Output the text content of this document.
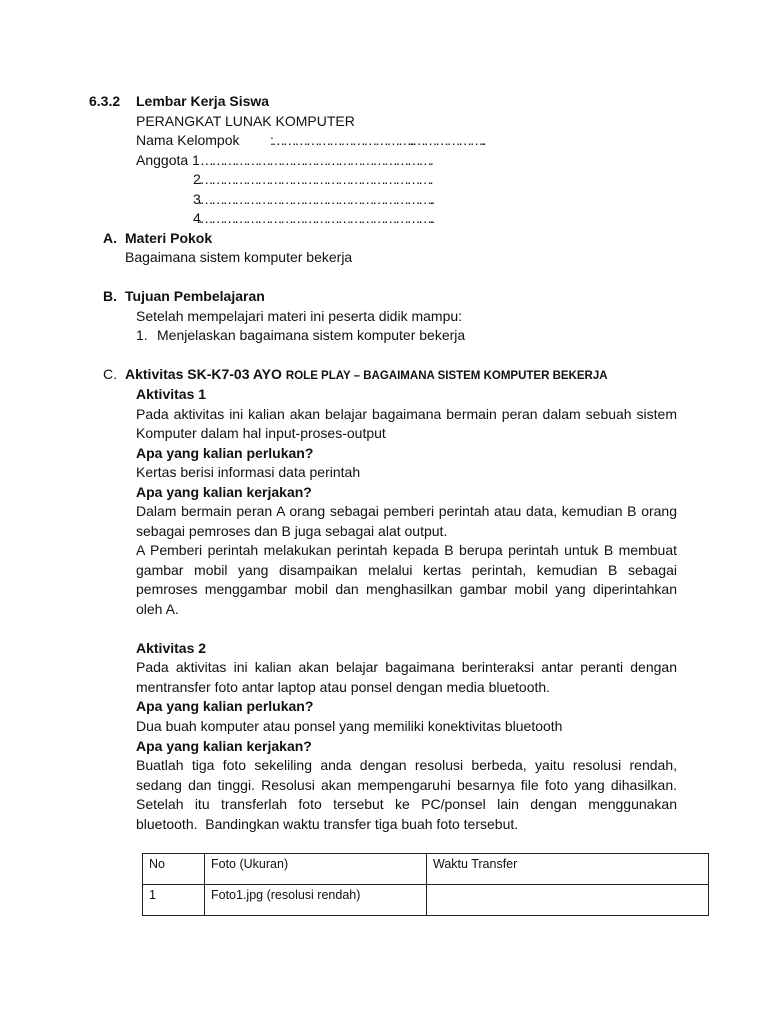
6.3.2 Lembar Kerja Siswa
PERANGKAT LUNAK KOMPUTER
Nama Kelompok :………………………………..………………..
Anggota 1…………………………………………………….
2.…………………………………………………….
3.……………………………………………………..
4.……………………………………………………..
A. Materi Pokok
Bagaimana sistem komputer bekerja
B. Tujuan Pembelajaran
Setelah mempelajari materi ini peserta didik mampu:
1. Menjelaskan bagaimana sistem komputer bekerja
C. Aktivitas SK-K7-03 AYO ROLE PLAY – BAGAIMANA SISTEM KOMPUTER BEKERJA
Aktivitas 1
Pada aktivitas ini kalian akan belajar bagaimana bermain peran dalam sebuah sistem
Komputer dalam hal input-proses-output
Apa yang kalian perlukan?
Kertas berisi informasi data perintah
Apa yang kalian kerjakan?
Dalam bermain peran A orang sebagai pemberi perintah atau data, kemudian B orang
sebagai pemroses dan B juga sebagai alat output.
A Pemberi perintah melakukan perintah kepada B berupa perintah untuk B membuat
gambar mobil yang disampaikan melalui kertas perintah, kemudian B sebagai
pemroses menggambar mobil dan menghasilkan gambar mobil yang diperintahkan
oleh A.
Aktivitas 2
Pada aktivitas ini kalian akan belajar bagaimana berinteraksi antar peranti dengan
mentransfer foto antar laptop atau ponsel dengan media bluetooth.
Apa yang kalian perlukan?
Dua buah komputer atau ponsel yang memiliki konektivitas bluetooth
Apa yang kalian kerjakan?
Buatlah tiga foto sekeliling anda dengan resolusi berbeda, yaitu resolusi rendah,
sedang dan tinggi. Resolusi akan mempengaruhi besarnya file foto yang dihasilkan.
Setelah itu transferlah foto tersebut ke PC/ponsel lain dengan menggunakan
bluetooth.  Bandingkan waktu transfer tiga buah foto tersebut.
No	Foto (Ukuran)	Waktu Transfer
1	Foto1.jpg (resolusi rendah)	
